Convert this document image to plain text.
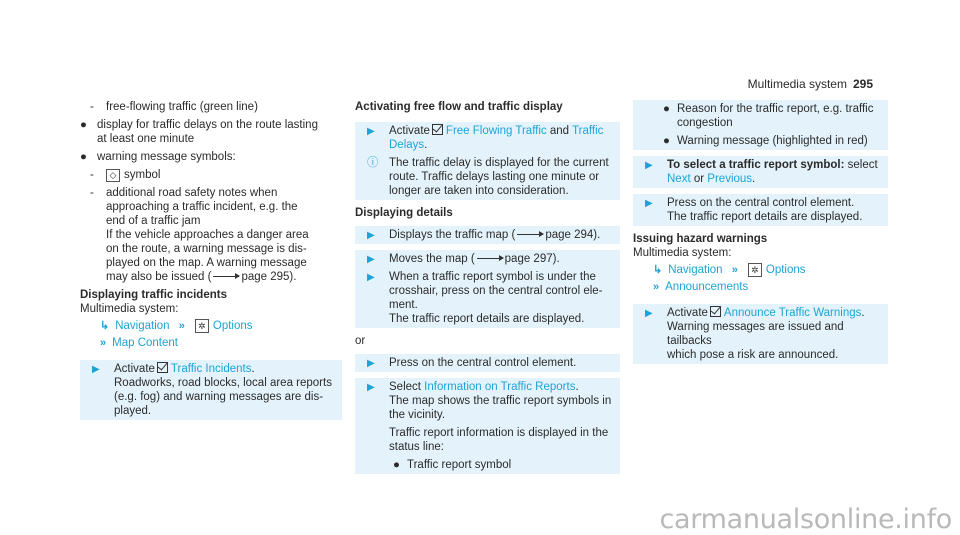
Multimedia system 295
-	free-flowing traffic (green line)
● display for traffic delays on the route lasting
at least one minute
● warning message symbols:
-	◇ symbol
-	additional road safety notes when
approaching a traffic incident, e.g. the
end of a traffic jam
If the vehicle approaches a danger area
on the route, a warning message is dis-
played on the map. A warning message
may also be issued (	page 295).
Displaying traffic incidents
Multimedia system:
↳ Navigation » ✲ Options
» Map Content
▶ Activate Traffic Incidents.
Roadworks, road blocks, local area reports
(e.g. fog) and warning messages are dis-
played.
Activating free flow and traffic display
▶ Activate Free Flowing Traffic and Traffic
Delays.
ⓘ The traffic delay is displayed for the current
route. Traffic delays lasting one minute or
longer are taken into consideration.
Displaying details
▶ Displays the traffic map (	page 294).
▶ Moves the map (	page 297).
▶ When a traffic report symbol is under the
crosshair, press on the central control ele-
ment.
The traffic report details are displayed.
or
▶ Press on the central control element.
▶ Select Information on Traffic Reports.
The map shows the traffic report symbols in
the vicinity.
Traffic report information is displayed in the
status line:
● Traffic report symbol
● Reason for the traffic report, e.g. traffic
congestion
● Warning message (highlighted in red)
▶ To select a traffic report symbol: select
Next or Previous.
▶ Press on the central control element.
The traffic report details are displayed.
Issuing hazard warnings
Multimedia system:
↳ Navigation » ✲ Options
» Announcements
▶ Activate Announce Traffic Warnings.
Warning messages are issued and tailbacks
which pose a risk are announced.
carmanualsonline.info
